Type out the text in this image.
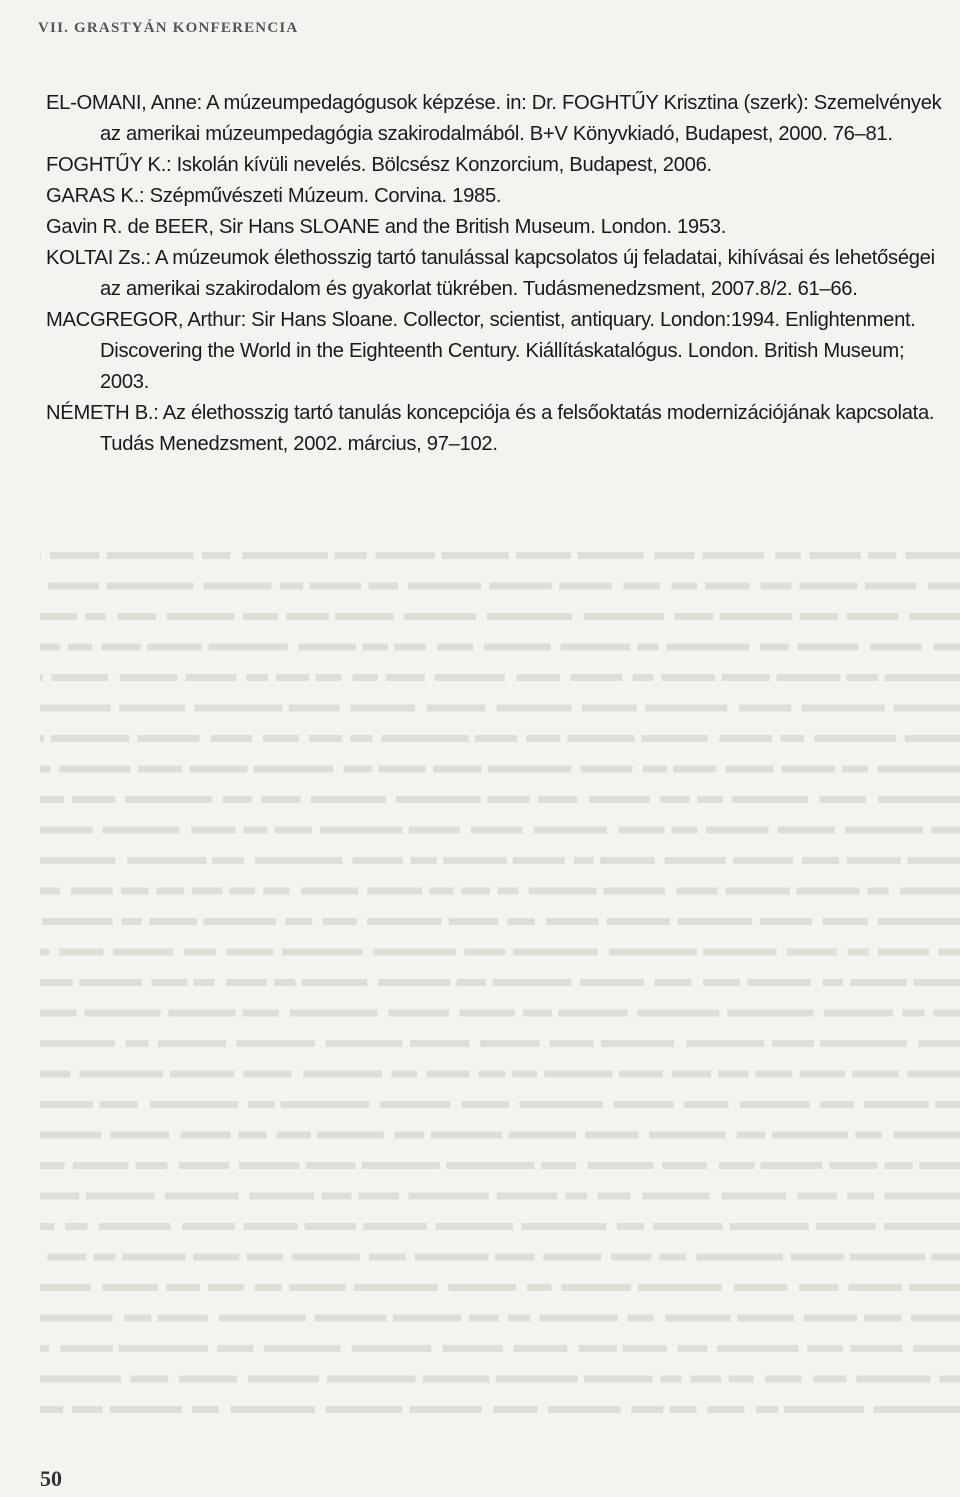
VII. GRASTYÁN KONFERENCIA
EL-OMANI, Anne: A múzeumpedagógusok képzése. in: Dr. FOGHTŰY Krisztina (szerk): Szemelvények az amerikai múzeumpedagógia szakirodalmából. B+V Könyvkiadó, Budapest, 2000. 76–81.
FOGHTŰY K.: Iskolán kívüli nevelés. Bölcsész Konzorcium, Budapest, 2006.
GARAS K.: Szépművészeti Múzeum. Corvina. 1985.
Gavin R. de BEER, Sir Hans SLOANE and the British Museum. London. 1953.
KOLTAI Zs.: A múzeumok élethosszig tartó tanulással kapcsolatos új feladatai, kihívásai és lehetőségei az amerikai szakirodalom és gyakorlat tükrében. Tudásmenedzsment, 2007.8/2. 61–66.
MACGREGOR, Arthur: Sir Hans Sloane. Collector, scientist, antiquary. London:1994. Enlightenment. Discovering the World in the Eighteenth Century. Kiállításkatalógus. London. British Museum; 2003.
NÉMETH B.: Az élethosszig tartó tanulás koncepciója és a felsőoktatás modernizációjának kapcsolata. Tudás Menedzsment, 2002. március, 97–102.
50
